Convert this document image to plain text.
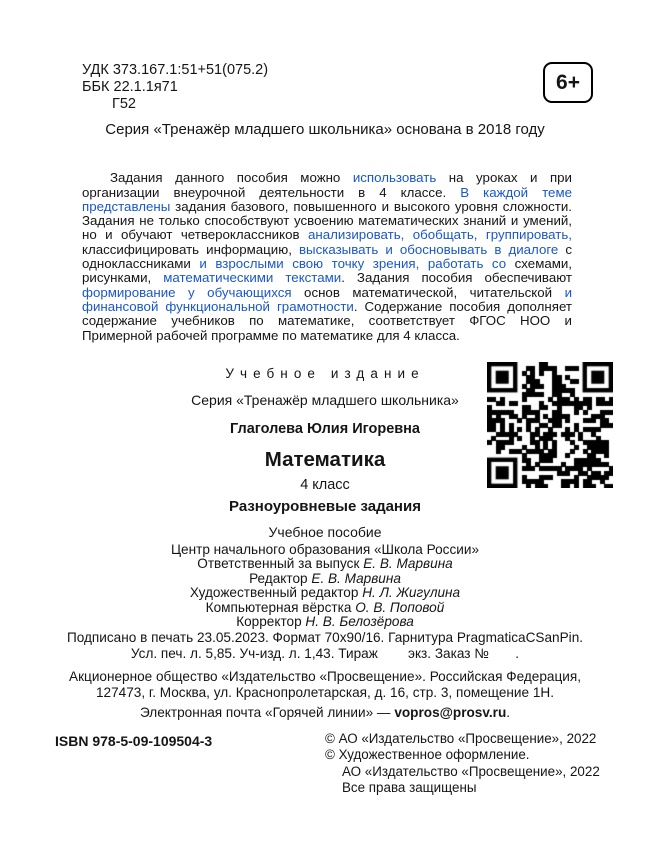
УДК 373.167.1:51+51(075.2)
ББК 22.1.1я71
Г52
6+
Серия «Тренажёр младшего школьника» основана в 2018 году

Задания данного пособия можно использовать на уроках и при организации внеурочной деятельности в 4 классе. В каждой теме представлены задания базового, повышенного и высокого уровня сложности. Задания не только способствуют усвоению математических знаний и умений, но и обучают четвероклассников анализировать, обобщать, группировать, классифицировать информацию, высказывать и обосновывать в диалоге с одноклассниками и взрослыми свою точку зрения, работать со схемами, рисунками, математическими текстами. Задания пособия обеспечивают формирование у обучающихся основ математической, читательской и финансовой функциональной грамотности. Содержание пособия дополняет содержание учебников по математике, соответствует ФГОС НОО и Примерной рабочей программе по математике для 4 класса.

Учебное издание
Серия «Тренажёр младшего школьника»
Глаголева Юлия Игоревна
Математика
4 класс
Разноуровневые задания
Учебное пособие
Центр начального образования «Школа России»
Ответственный за выпуск Е. В. Марвина
Редактор Е. В. Марвина
Художественный редактор Н. Л. Жигулина
Компьютерная вёрстка О. В. Поповой
Корректор Н. В. Белозёрова
Подписано в печать 23.05.2023. Формат 70x90/16. Гарнитура PragmaticaCSanPin.
Усл. печ. л. 5,85. Уч-изд. л. 1,43. Тираж        экз. Заказ №       .
Акционерное общество «Издательство «Просвещение». Российская Федерация,
127473, г. Москва, ул. Краснопролетарская, д. 16, стр. 3, помещение 1Н.
Электронная почта «Горячей линии» — vopros@prosv.ru.
ISBN 978-5-09-109504-3	© АО «Издательство «Просвещение», 2022
© Художественное оформление.
АО «Издательство «Просвещение», 2022
Все права защищены
